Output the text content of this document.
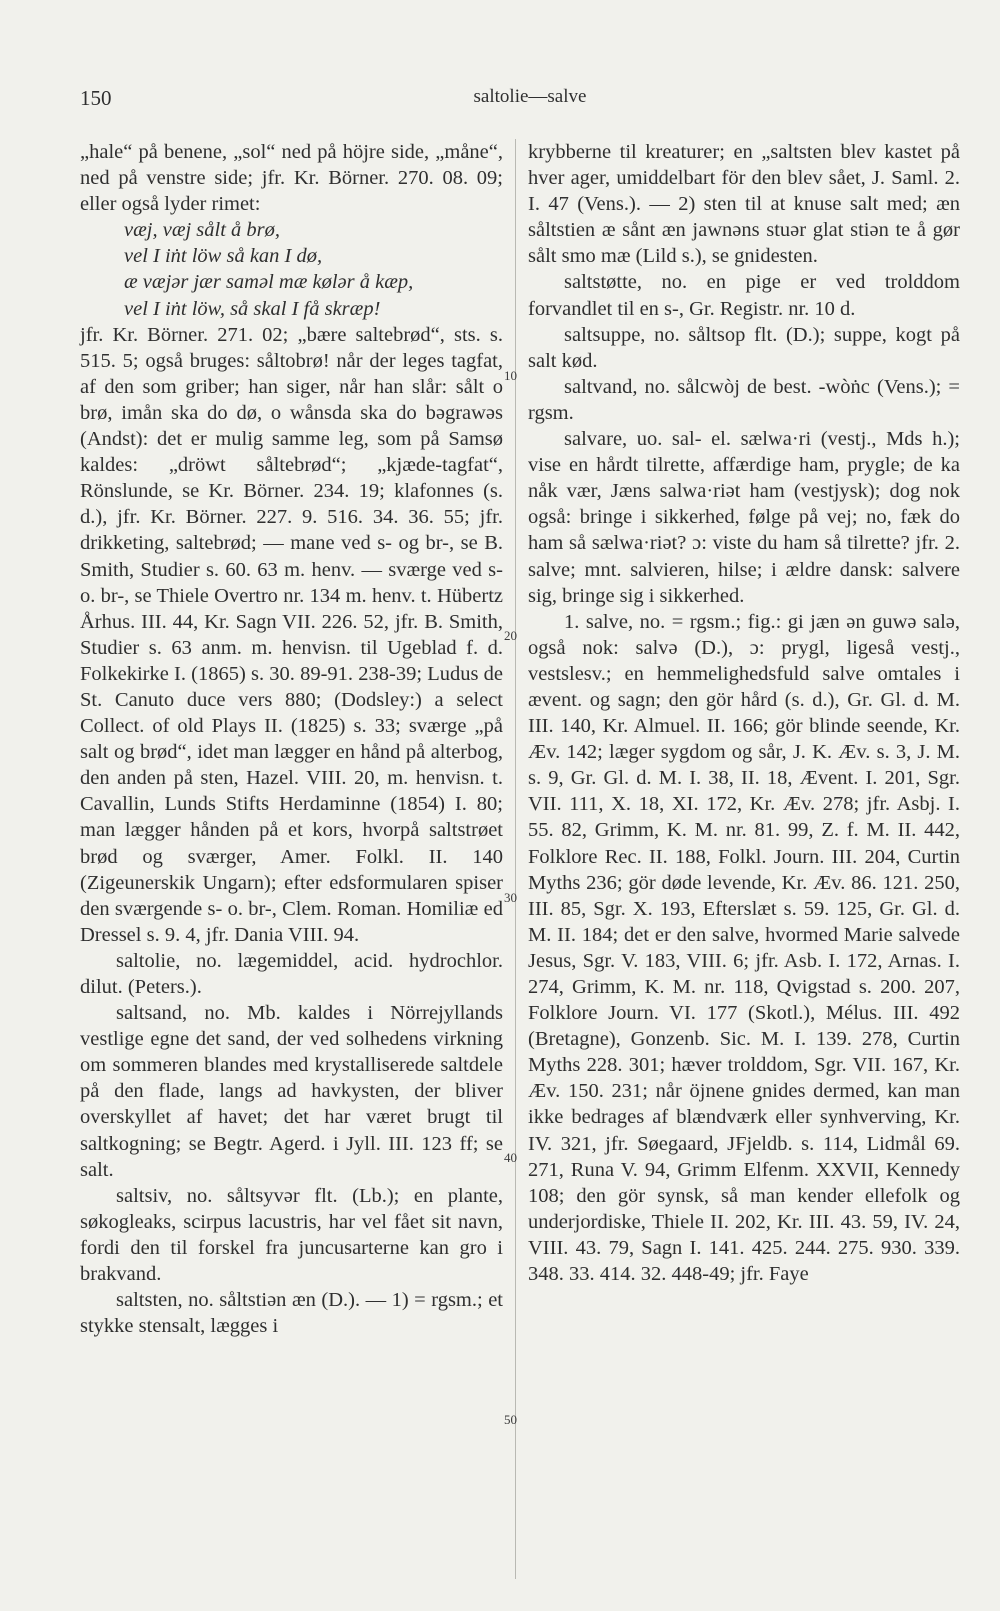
150	saltolie—salve

„hale“ på benene, „sol“ ned på höjre side, „måne“, ned på venstre side; jfr. Kr. Börner. 270. 08. 09; eller også lyder rimet:

væj, væj sålt å brø,

vel I iṅt löw så kan I dø,

æ væjər jær saməl mæ kølər å kæp,

vel I iṅt löw, så skal I få skræp!

jfr. Kr. Börner. 271. 02; „bære saltebrød“, sts. s. 515. 5; også bruges: såltobrø! når der leges tagfat, af den som griber; han siger, når han slår: sålt o brø, imån ska do dø, o wånsda ska do bəgrawəs (Andst): det er mulig samme leg, som på Samsø kaldes: „dröwt såltebrød“; „kjæde-tagfat“, Rönslunde, se Kr. Börner. 234. 19; klafonnes (s. d.), jfr. Kr. Börner. 227. 9. 516. 34. 36. 55; jfr. drikketing, saltebrød; — mane ved s- og br-, se B. Smith, Studier s. 60. 63 m. henv. — sværge ved s- o. br-, se Thiele Overtro nr. 134 m. henv. t. Hübertz Århus. III. 44, Kr. Sagn VII. 226. 52, jfr. B. Smith, Studier s. 63 anm. m. henvisn. til Ugeblad f. d. Folkekirke I. (1865) s. 30. 89-91. 238-39; Ludus de St. Canuto duce vers 880; (Dodsley:) a select Collect. of old Plays II. (1825) s. 33; sværge „på salt og brød“, idet man lægger en hånd på alterbog, den anden på sten, Hazel. VIII. 20, m. henvisn. t. Cavallin, Lunds Stifts Herdaminne (1854) I. 80; man lægger hånden på et kors, hvorpå saltstrøet brød og sværger, Amer. Folkl. II. 140 (Zigeunerskik Ungarn); efter edsformularen spiser den sværgende s- o. br-, Clem. Roman. Homiliæ ed Dressel s. 9. 4, jfr. Dania VIII. 94.

saltolie, no. lægemiddel, acid. hydrochlor. dilut. (Peters.).

saltsand, no. Mb. kaldes i Nörrejyllands vestlige egne det sand, der ved solhedens virkning om sommeren blandes med krystalliserede saltdele på den flade, langs ad havkysten, der bliver overskyllet af havet; det har været brugt til saltkogning; se Begtr. Agerd. i Jyll. III. 123 ff; se salt.

saltsiv, no. såltsyvər flt. (Lb.); en plante, søkogleaks, scirpus lacustris, har vel fået sit navn, fordi den til forskel fra juncusarterne kan gro i brakvand.

saltsten, no. såltstiən æn (D.). — 1) = rgsm.; et stykke stensalt, lægges i

10
20
30
40
50

krybberne til kreaturer; en „saltsten blev kastet på hver ager, umiddelbart för den blev sået, J. Saml. 2. I. 47 (Vens.). — 2) sten til at knuse salt med; æn såltstien æ sånt æn jawnəns stuər glat stiən te å gør sålt smo mæ (Lild s.), se gnidesten.

saltstøtte, no. en pige er ved trolddom forvandlet til en s-, Gr. Registr. nr. 10 d.

saltsuppe, no. såltsop flt. (D.); suppe, kogt på salt kød.

saltvand, no. sålcwòj de best. -wòṅc (Vens.); = rgsm.

salvare, uo. sal- el. sælwa·ri (vestj., Mds h.); vise en hårdt tilrette, affærdige ham, prygle; de ka nåk vær, Jæns salwa·riət ham (vestjysk); dog nok også: bringe i sikkerhed, følge på vej; no, fæk do ham så sælwa·riət? ɔ: viste du ham så tilrette? jfr. 2. salve; mnt. salvieren, hilse; i ældre dansk: salvere sig, bringe sig i sikkerhed.

1. salve, no. = rgsm.; fig.: gi jæn ən guwə salə, også nok: salvə (D.), ɔ: prygl, ligeså vestj., vestslesv.; en hemmelighedsfuld salve omtales i ævent. og sagn; den gör hård (s. d.), Gr. Gl. d. M. III. 140, Kr. Almuel. II. 166; gör blinde seende, Kr. Æv. 142; læger sygdom og sår, J. K. Æv. s. 3, J. M. s. 9, Gr. Gl. d. M. I. 38, II. 18, Ævent. I. 201, Sgr. VII. 111, X. 18, XI. 172, Kr. Æv. 278; jfr. Asbj. I. 55. 82, Grimm, K. M. nr. 81. 99, Z. f. M. II. 442, Folklore Rec. II. 188, Folkl. Journ. III. 204, Curtin Myths 236; gör døde levende, Kr. Æv. 86. 121. 250, III. 85, Sgr. X. 193, Efterslæt s. 59. 125, Gr. Gl. d. M. II. 184; det er den salve, hvormed Marie salvede Jesus, Sgr. V. 183, VIII. 6; jfr. Asb. I. 172, Arnas. I. 274, Grimm, K. M. nr. 118, Qvigstad s. 200. 207, Folklore Journ. VI. 177 (Skotl.), Mélus. III. 492 (Bretagne), Gonzenb. Sic. M. I. 139. 278, Curtin Myths 228. 301; hæver trolddom, Sgr. VII. 167, Kr. Æv. 150. 231; når öjnene gnides dermed, kan man ikke bedrages af blændværk eller synhverving, Kr. IV. 321, jfr. Søegaard, JFjeldb. s. 114, Lidmål 69. 271, Runa V. 94, Grimm Elfenm. XXVII, Kennedy 108; den gör synsk, så man kender ellefolk og underjordiske, Thiele II. 202, Kr. III. 43. 59, IV. 24, VIII. 43. 79, Sagn I. 141. 425. 244. 275. 930. 339. 348. 33. 414. 32. 448-49; jfr. Faye
